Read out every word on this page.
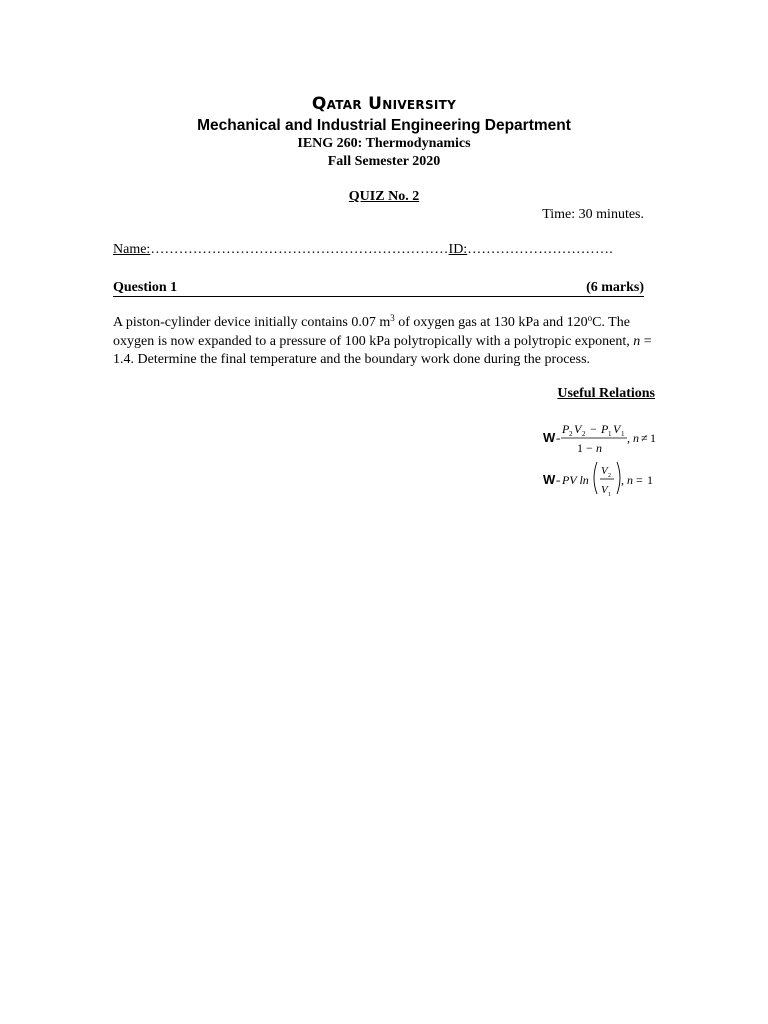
Qatar University
Mechanical and Industrial Engineering Department
IENG 260: Thermodynamics
Fall Semester 2020
QUIZ No. 2
Time: 30 minutes.
Name:………………………………………………………ID:………………………….
Question 1	(6 marks)
A piston-cylinder device initially contains 0.07 $m^3$ of oxygen gas at 130 kPa and 120$^o$C. The oxygen is now expanded to a pressure of 100 kPa polytropically with a polytropic exponent, n = 1.4. Determine the final temperature and the boundary work done during the process.
Useful Relations
W =
P 2 V 2 − P 1 V 1
1 − n
, n ≠ 1
W = PV ln
V 2
V 1
, n = 1
